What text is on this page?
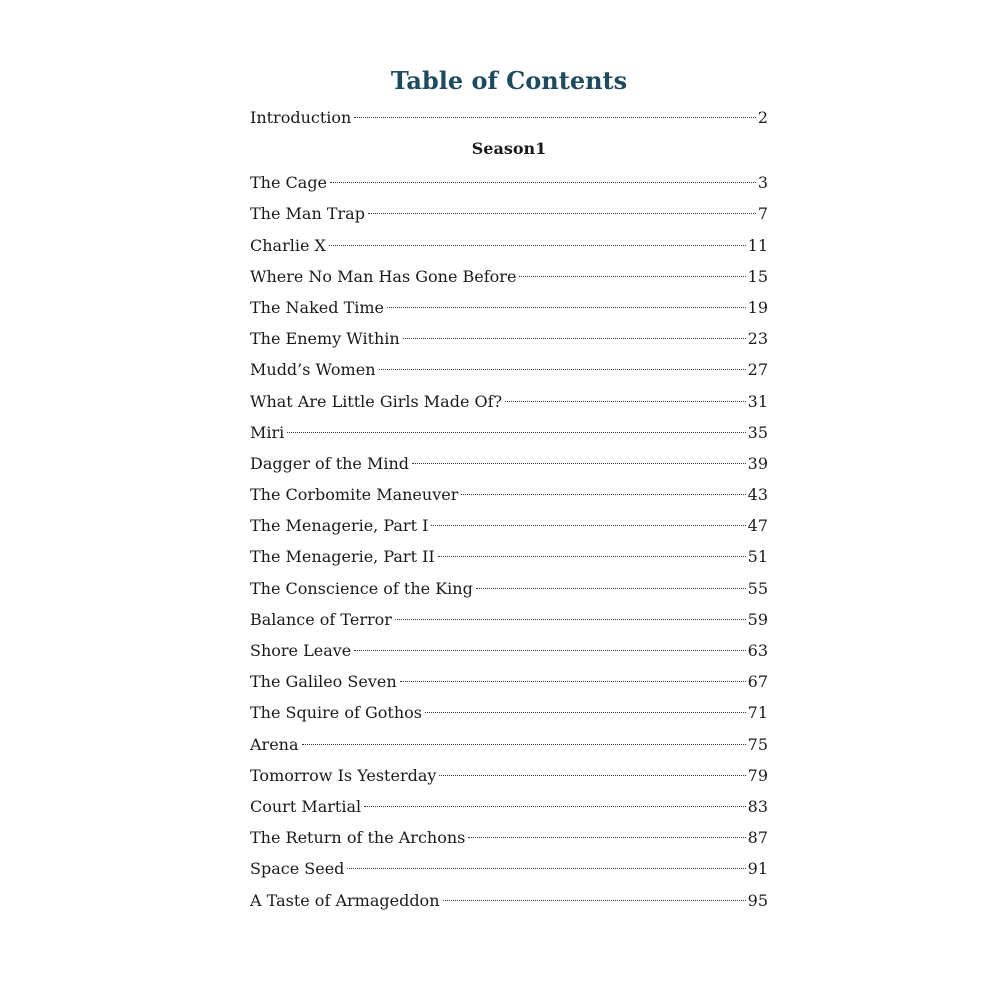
Table of Contents
Introduction	2
Season1
The Cage	3
The Man Trap	7
Charlie X	11
Where No Man Has Gone Before	15
The Naked Time	19
The Enemy Within	23
Mudd’s Women	27
What Are Little Girls Made Of?	31
Miri	35
Dagger of the Mind	39
The Corbomite Maneuver	43
The Menagerie, Part I	47
The Menagerie, Part II	51
The Conscience of the King	55
Balance of Terror	59
Shore Leave	63
The Galileo Seven	67
The Squire of Gothos	71
Arena	75
Tomorrow Is Yesterday	79
Court Martial	83
The Return of the Archons	87
Space Seed	91
A Taste of Armageddon	95
